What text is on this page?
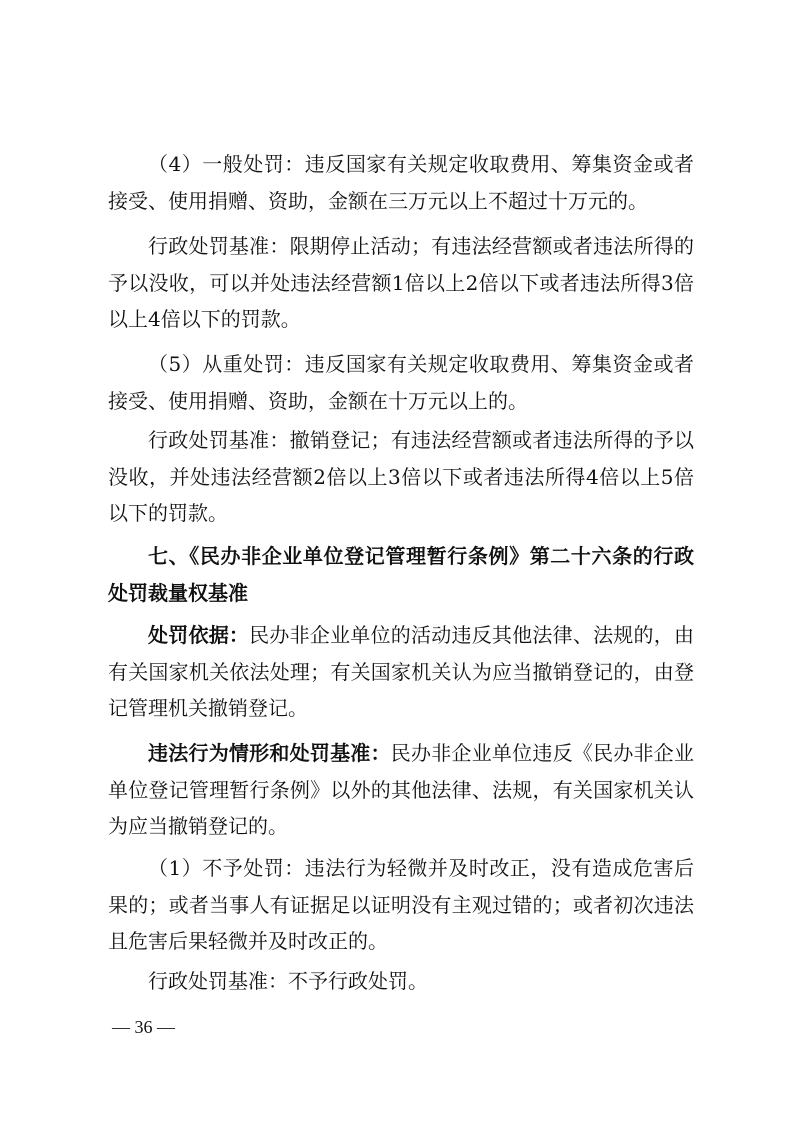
（4）一般处罚：违反国家有关规定收取费用、筹集资金或者接受、使用捐赠、资助，金额在三万元以上不超过十万元的。

行政处罚基准：限期停止活动；有违法经营额或者违法所得的予以没收，可以并处违法经营额1倍以上2倍以下或者违法所得3倍以上4倍以下的罚款。

（5）从重处罚：违反国家有关规定收取费用、筹集资金或者接受、使用捐赠、资助，金额在十万元以上的。

行政处罚基准：撤销登记；有违法经营额或者违法所得的予以没收，并处违法经营额2倍以上3倍以下或者违法所得4倍以上5倍以下的罚款。

七、《民办非企业单位登记管理暂行条例》第二十六条的行政处罚裁量权基准

处罚依据：民办非企业单位的活动违反其他法律、法规的，由有关国家机关依法处理；有关国家机关认为应当撤销登记的，由登记管理机关撤销登记。

违法行为情形和处罚基准：民办非企业单位违反《民办非企业单位登记管理暂行条例》以外的其他法律、法规，有关国家机关认为应当撤销登记的。

（1）不予处罚：违法行为轻微并及时改正，没有造成危害后果的；或者当事人有证据足以证明没有主观过错的；或者初次违法且危害后果轻微并及时改正的。

行政处罚基准：不予行政处罚。

— 36 —
